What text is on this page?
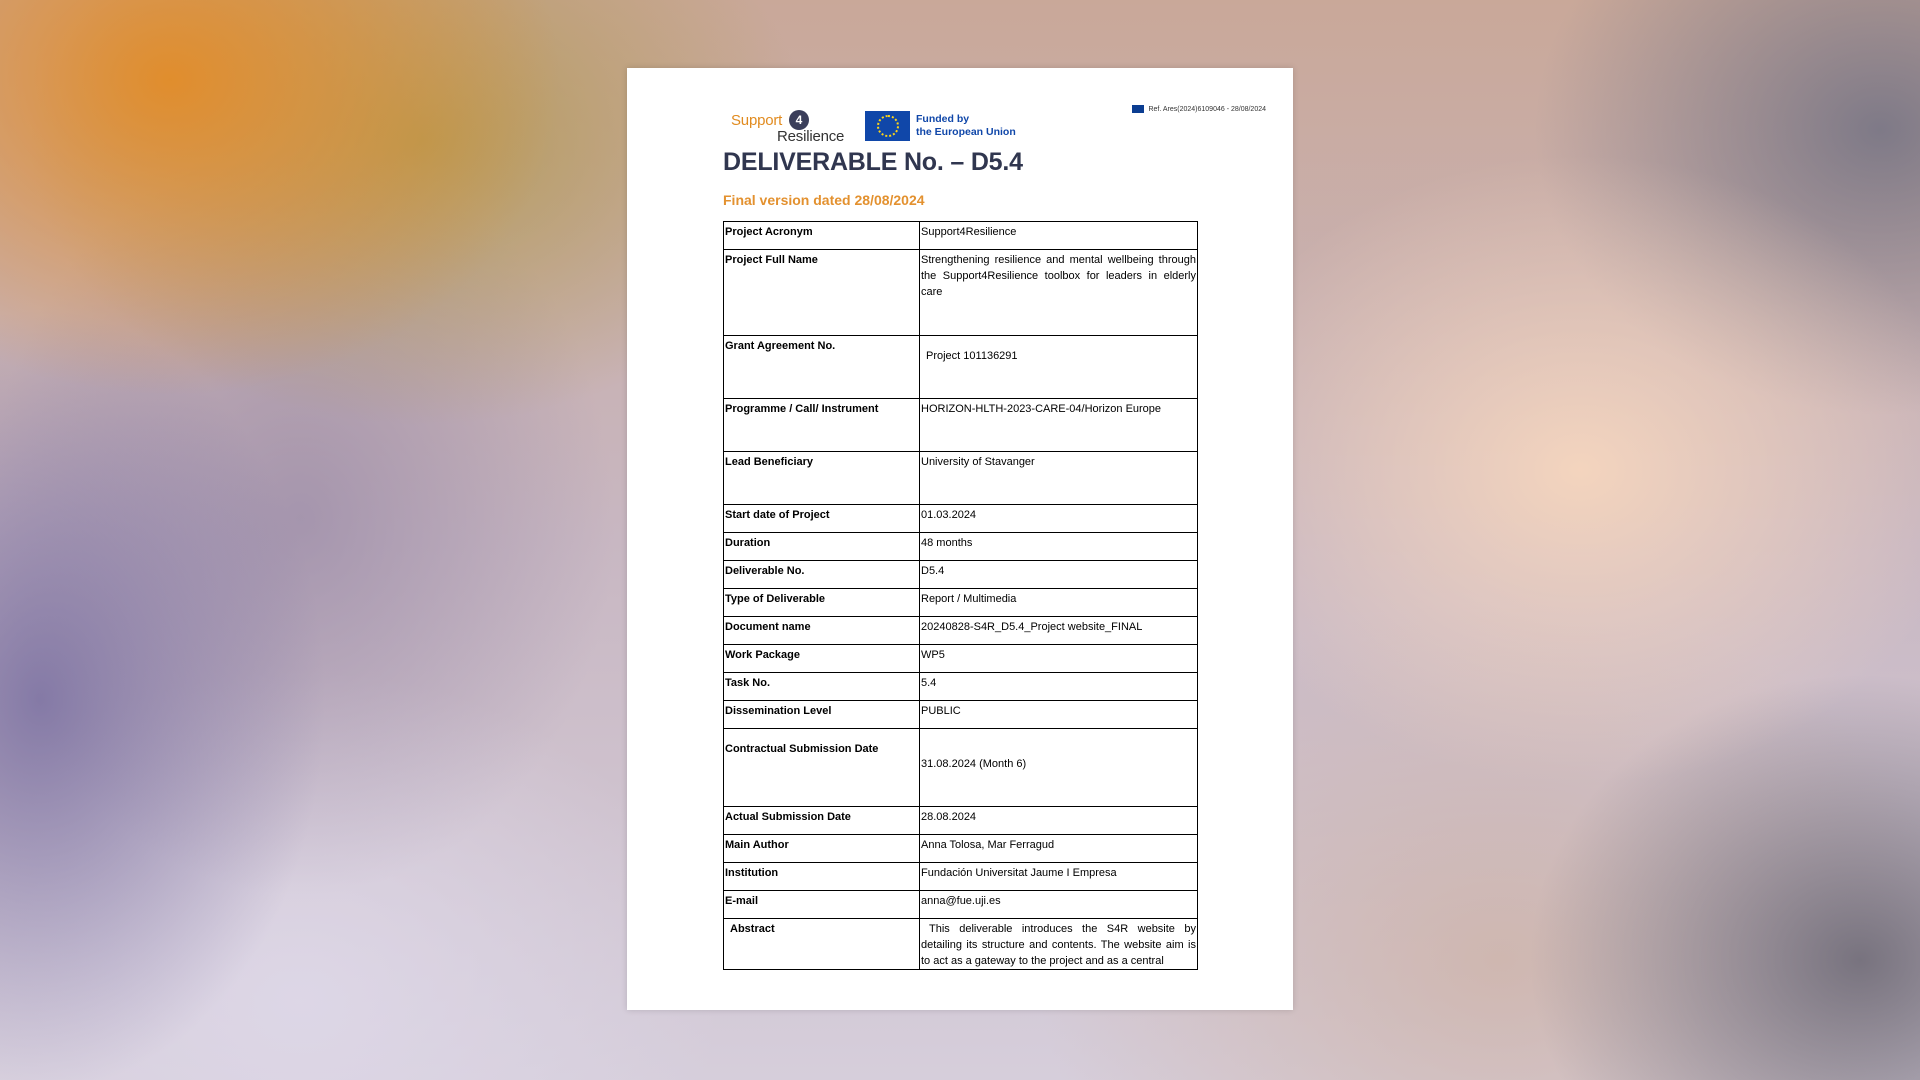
Ref. Ares(2024)6109046 - 28/08/2024
Support	4
Resilience
Funded by
the European Union
DELIVERABLE No. – D5.4
Final version dated 28/08/2024
Project Acronym	Support4Resilience
Project Full Name	Strengthening resilience and mental wellbeing through the Support4Resilience toolbox for leaders in elderly care
Grant Agreement No.	Project 101136291
Programme / Call/ Instrument	HORIZON-HLTH-2023-CARE-04/Horizon Europe
Lead Beneficiary	University of Stavanger
Start date of Project	01.03.2024
Duration	48 months
Deliverable No.	D5.4
Type of Deliverable	Report / Multimedia
Document name	20240828-S4R_D5.4_Project website_FINAL
Work Package	WP5
Task No.	5.4
Dissemination Level	PUBLIC
Contractual Submission Date	31.08.2024 (Month 6)
Actual Submission Date	28.08.2024
Main Author	Anna Tolosa, Mar Ferragud
Institution	Fundación Universitat Jaume I Empresa
E-mail	anna@fue.uji.es
Abstract	This deliverable introduces the S4R website by detailing its structure and contents. The website aim is to act as a gateway to the project and as a central
